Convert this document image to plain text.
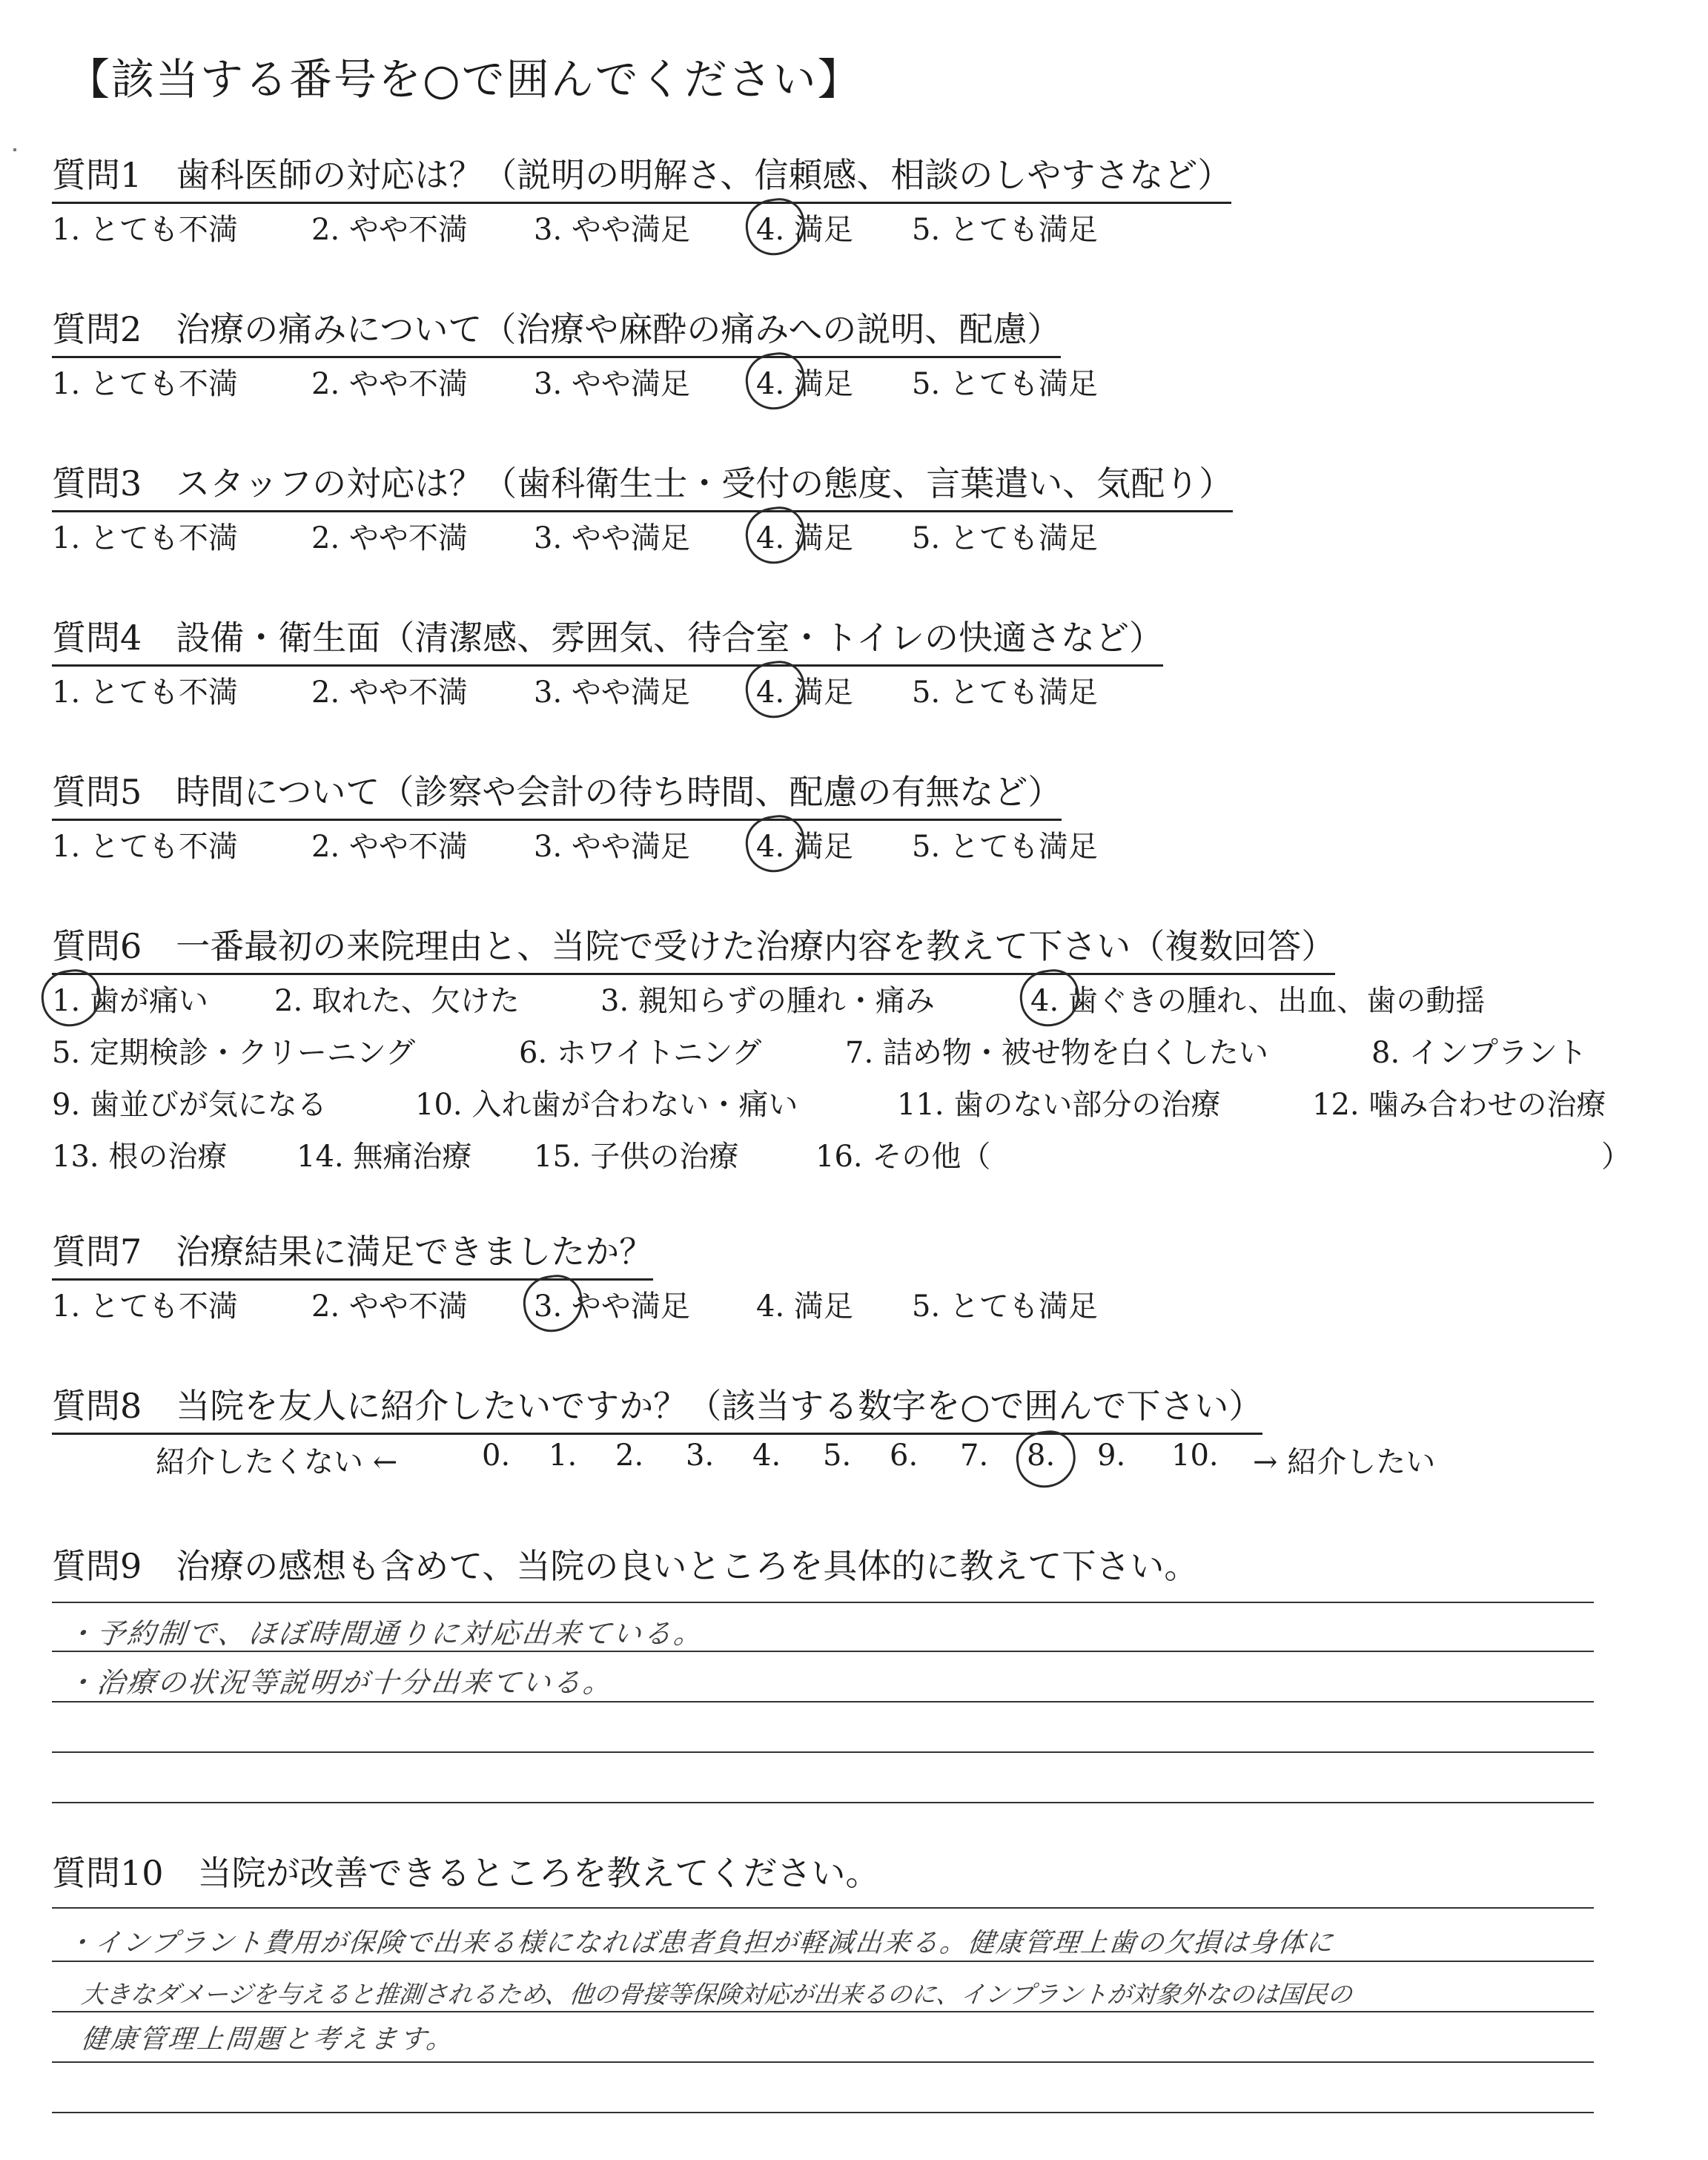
【該当する番号を○で囲んでください】
質問1　歯科医師の対応は？（説明の明解さ、信頼感、相談のしやすさなど）
1. とても不満 2. やや不満 3. やや満足 4. 満足 5. とても満足
質問2　治療の痛みについて（治療や麻酔の痛みへの説明、配慮）
1. とても不満 2. やや不満 3. やや満足 4. 満足 5. とても満足
質問3　スタッフの対応は？（歯科衛生士・受付の態度、言葉遣い、気配り）
1. とても不満 2. やや不満 3. やや満足 4. 満足 5. とても満足
質問4　設備・衛生面（清潔感、雰囲気、待合室・トイレの快適さなど）
1. とても不満 2. やや不満 3. やや満足 4. 満足 5. とても満足
質問5　時間について（診察や会計の待ち時間、配慮の有無など）
1. とても不満 2. やや不満 3. やや満足 4. 満足 5. とても満足
質問6　一番最初の来院理由と、当院で受けた治療内容を教えて下さい（複数回答）
1. 歯が痛い 2. 取れた、欠けた	3. 親知らずの腫れ・痛み	4. 歯ぐきの腫れ、出血、歯の動揺
5. 定期検診・クリーニング	6. ホワイトニング	7. 詰め物・被せ物を白くしたい	8. インプラント
9. 歯並びが気になる	10. 入れ歯が合わない・痛い	11. 歯のない部分の治療	12. 噛み合わせの治療
13. 根の治療 14. 無痛治療 15. 子供の治療	16. その他（	）
質問7　治療結果に満足できましたか？
1. とても不満 2. やや不満 3. やや満足 4. 満足 5. とても満足
質問8　当院を友人に紹介したいですか？（該当する数字を○で囲んで下さい）
紹介したくない ←	0. 1. 2. 3. 4. 5. 6. 7. 8. 9. 10. → 紹介したい
質問9　治療の感想も含めて、当院の良いところを具体的に教えて下さい。
・予約制で、ほぼ時間通りに対応出来ている。
・治療の状況等説明が十分出来ている。
質問10　当院が改善できるところを教えてください。
・インプラント費用が保険で出来る様になれば患者負担が軽減出来る。健康管理上歯の欠損は身体に
大きなダメージを与えると推測されるため、他の骨接等保険対応が出来るのに、インプラントが対象外なのは国民の
健康管理上問題と考えます。
